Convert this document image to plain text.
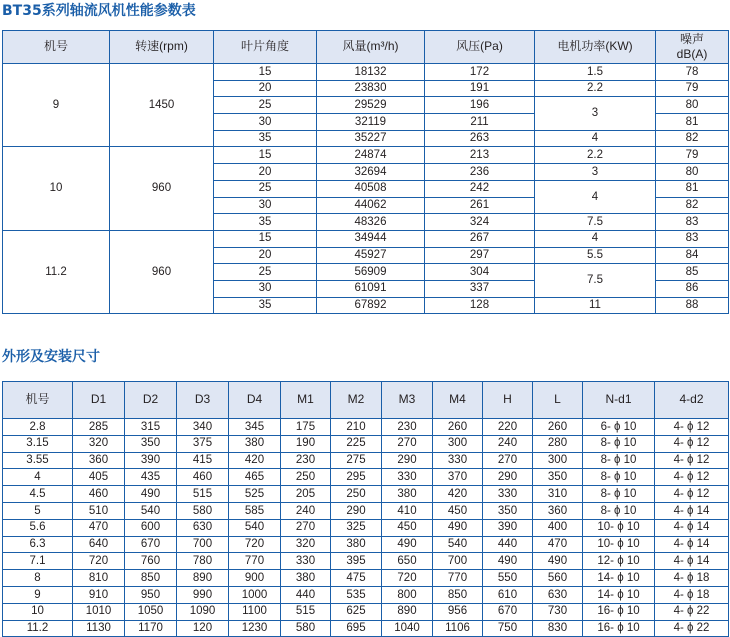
BT35系列轴流风机性能参数表
机号	转速(rpm)	叶片角度	风量(m³/h)	风压(Pa)	电机功率(KW)	噪声
dB(A)
9	1450	15	18132	172	1.5	78
		20	23830	191	2.2	79
		25	29529	196	3	80
		30	32119	211		81
		35	35227	263	4	82
10	960	15	24874	213	2.2	79
		20	32694	236	3	80
		25	40508	242	4	81
		30	44062	261		82
		35	48326	324	7.5	83
11.2	960	15	34944	267	4	83
		20	45927	297	5.5	84
		25	56909	304	7.5	85
		30	61091	337		86
		35	67892	128	11	88
外形及安装尺寸
机号	D1	D2	D3	D4	M1	M2	M3	M4	H	L	N-d1	4-d2
2.8	285	315	340	345	175	210	230	260	220	260	6- ϕ 10	4- ϕ 12
3.15	320	350	375	380	190	225	270	300	240	280	8- ϕ 10	4- ϕ 12
3.55	360	390	415	420	230	275	290	330	270	300	8- ϕ 10	4- ϕ 12
4	405	435	460	465	250	295	330	370	290	350	8- ϕ 10	4- ϕ 12
4.5	460	490	515	525	205	250	380	420	330	310	8- ϕ 10	4- ϕ 12
5	510	540	580	585	240	290	410	450	350	360	8- ϕ 10	4- ϕ 14
5.6	470	600	630	540	270	325	450	490	390	400	10- ϕ 10	4- ϕ 14
6.3	640	670	700	720	320	380	490	540	440	470	10- ϕ 10	4- ϕ 14
7.1	720	760	780	770	330	395	650	700	490	490	12- ϕ 10	4- ϕ 14
8	810	850	890	900	380	475	720	770	550	560	14- ϕ 10	4- ϕ 18
9	910	950	990	1000	440	535	800	850	610	630	14- ϕ 10	4- ϕ 18
10	1010	1050	1090	1100	515	625	890	956	670	730	16- ϕ 10	4- ϕ 22
11.2	1130	1170	120	1230	580	695	1040	1106	750	830	16- ϕ 10	4- ϕ 22
